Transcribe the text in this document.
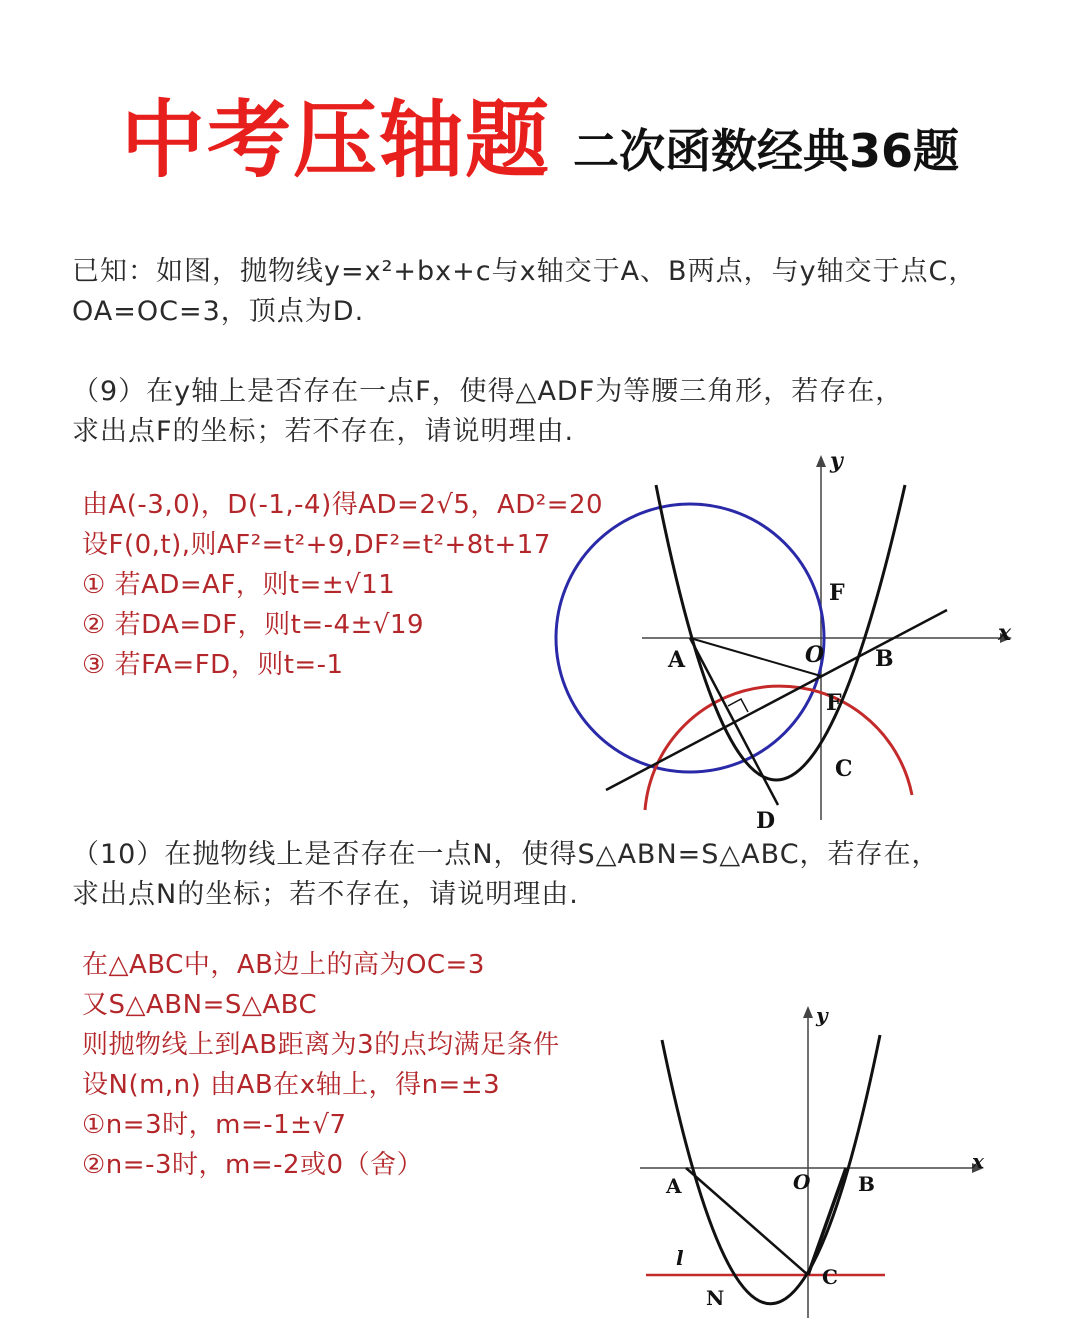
中考压轴题 二次函数经典36题
已知：如图，抛物线y=x²+bx+c与x轴交于A、B两点，与y轴交于点C，
OA=OC=3，顶点为D.
（9）在y轴上是否存在一点F，使得△ADF为等腰三角形，若存在，
求出点F的坐标；若不存在，请说明理由.
由A(-3,0)，D(-1,-4)得AD=2√5，AD²=20
设F(0,t),则AF²=t²+9,DF²=t²+8t+17
① 若AD=AF，则t=±√11
② 若DA=DF，则t=-4±√19
③ 若FA=FD，则t=-1
y
x
A	O B
F
F
C
D
（10）在抛物线上是否存在一点N，使得S△ABN=S△ABC，若存在，
求出点N的坐标；若不存在，请说明理由.
在△ABC中，AB边上的高为OC=3
又S△ABN=S△ABC
则抛物线上到AB距离为3的点均满足条件
设N(m,n) 由AB在x轴上，得n=±3
①n=3时，m=-1±√7
②n=-3时，m=-2或0（舍）
y
x
A	O B
l
C
N
